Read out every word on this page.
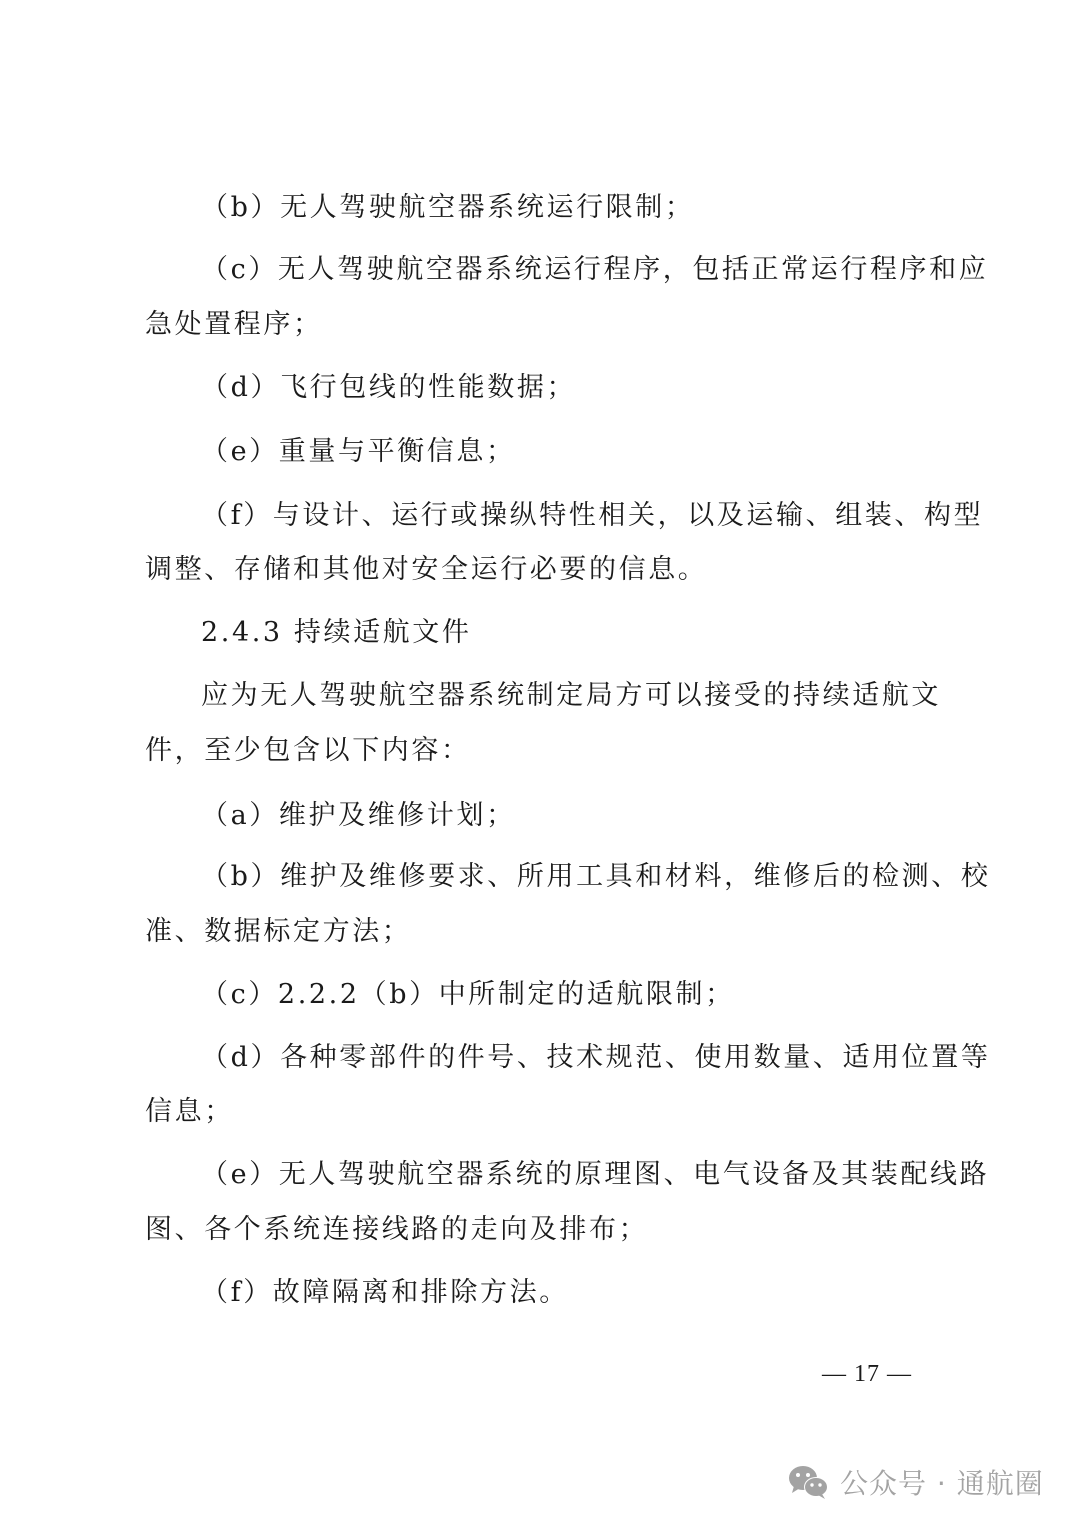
（b）无人驾驶航空器系统运行限制；
（c）无人驾驶航空器系统运行程序，包括正常运行程序和应
急处置程序；
（d）飞行包线的性能数据；
（e）重量与平衡信息；
（f）与设计、运行或操纵特性相关，以及运输、组装、构型
调整、存储和其他对安全运行必要的信息。
2.4.3 持续适航文件
应为无人驾驶航空器系统制定局方可以接受的持续适航文
件，至少包含以下内容：
（a）维护及维修计划；
（b）维护及维修要求、所用工具和材料，维修后的检测、校
准、数据标定方法；
（c）2.2.2（b）中所制定的适航限制；
（d）各种零部件的件号、技术规范、使用数量、适用位置等
信息；
（e）无人驾驶航空器系统的原理图、电气设备及其装配线路
图、各个系统连接线路的走向及排布；
（f）故障隔离和排除方法。
— 17 —
公众号 · 通航圈
